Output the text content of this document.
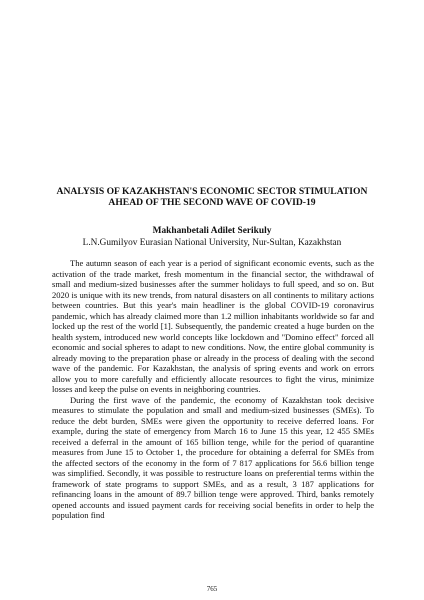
ANALYSIS OF KAZAKHSTAN'S ECONOMIC SECTOR STIMULATION
AHEAD OF THE SECOND WAVE OF COVID-19
Makhanbetali Adilet Serikuly
L.N.Gumilyov Eurasian National University, Nur-Sultan, Kazakhstan

The autumn season of each year is a period of significant economic events, such as the activation of the trade market, fresh momentum in the financial sector, the withdrawal of small and medium-sized businesses after the summer holidays to full speed, and so on. But 2020 is unique with its new trends, from natural disasters on all continents to military actions between countries. But this year's main headliner is the global COVID-19 coronavirus pandemic, which has already claimed more than 1.2 million inhabitants worldwide so far and locked up the rest of the world [1]. Subsequently, the pandemic created a huge burden on the health system, introduced new world concepts like lockdown and "Domino effect" forced all economic and social spheres to adapt to new conditions. Now, the entire global community is already moving to the preparation phase or already in the process of dealing with the second wave of the pandemic. For Kazakhstan, the analysis of spring events and work on errors allow you to more carefully and efficiently allocate resources to fight the virus, minimize losses and keep the pulse on events in neighboring countries.

During the first wave of the pandemic, the economy of Kazakhstan took decisive measures to stimulate the population and small and medium-sized businesses (SMEs). To reduce the debt burden, SMEs were given the opportunity to receive deferred loans. For example, during the state of emergency from March 16 to June 15 this year, 12 455 SMEs received a deferral in the amount of 165 billion tenge, while for the period of quarantine measures from June 15 to October 1, the procedure for obtaining a deferral for SMEs from the affected sectors of the economy in the form of 7 817 applications for 56.6 billion tenge was simplified. Secondly, it was possible to restructure loans on preferential terms within the framework of state programs to support SMEs, and as a result, 3 187 applications for refinancing loans in the amount of 89.7 billion tenge were approved. Third, banks remotely opened accounts and issued payment cards for receiving social benefits in order to help the population find

765
